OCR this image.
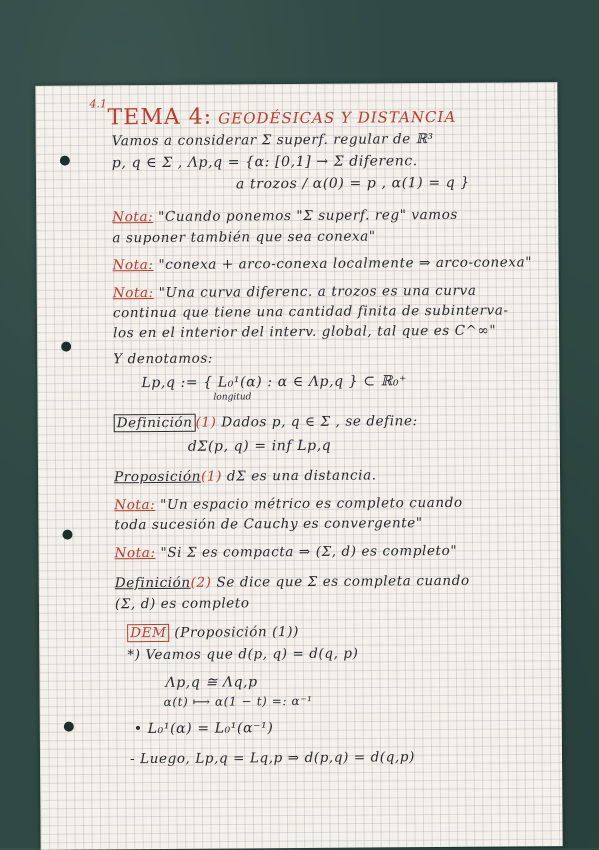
4.1
TEMA 4: GEODÉSICAS Y DISTANCIA
Vamos a considerar Σ superf. regular de ℝ³
p, q ∈ Σ , Λp,q = {α: [0,1] → Σ diferenc.
a trozos / α(0) = p , α(1) = q }
Nota: "Cuando ponemos "Σ superf. reg" vamos
a suponer también que sea conexa"
Nota: "conexa + arco-conexa localmente ⇒ arco-conexa"
Nota: "Una curva diferenc. a trozos es una curva
continua que tiene una cantidad finita de subinterva-
los en el interior del interv. global, tal que es C^∞"
Y denotamos:
Lp,q := { L₀¹(α) : α ∈ Λp,q } ⊂ ℝ₀⁺
longitud
Definición (1) Dados p, q ∈ Σ , se define:
dΣ(p, q) = inf Lp,q
Proposición(1) dΣ es una distancia.
Nota: "Un espacio métrico es completo cuando
toda sucesión de Cauchy es convergente"
Nota: "Si Σ es compacta ⇒ (Σ, d) es completo"
Definición(2) Se dice que Σ es completa cuando
(Σ, d) es completo
DEM (Proposición (1))
*) Veamos que d(p, q) = d(q, p)
Λp,q ≅ Λq,p
α(t) ⟼ α(1 − t) =: α⁻¹
• L₀¹(α) = L₀¹(α⁻¹)
- Luego, Lp,q = Lq,p ⇒ d(p,q) = d(q,p)
